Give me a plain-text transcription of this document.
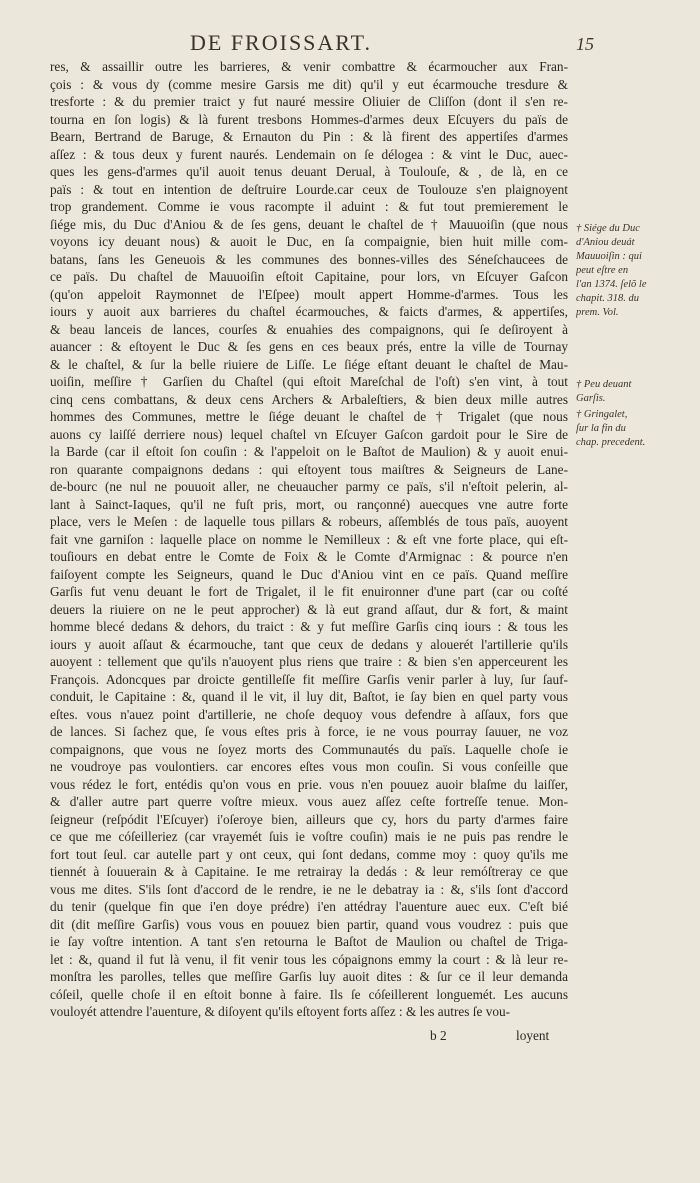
DE FROISSART.	15
res, & assaillir outre les barrieres, & venir combattre & écarmoucher aux Fran-
çois : & vous dy (comme mesire Garsis me dit) qu'il y eut écarmouche tresdure &
tresforte : & du premier traict y fut nauré messire Oliuier de Cliſſon (dont il s'en re-
tourna en ſon logis) & là furent tresbons Hommes-d'armes deux Eſcuyers du païs de
Bearn, Bertrand de Baruge, & Ernauton du Pin : & là firent des appertiſes d'armes
aſſez : & tous deux y furent naurés. Lendemain on ſe délogea : & vint le Duc, auec-
ques les gens-d'armes qu'il auoit tenus deuant Derual, à Toulouſe, & , de là, en ce
païs : & tout en intention de deſtruire Lourde.car ceux de Toulouze s'en plaignoyent
trop grandement. Comme ie vous racompte il aduint : & fut tout premierement le
ſiége mis, du Duc d'Aniou & de ſes gens, deuant le chaſtel de † Mauuoiſin (que nous
voyons icy deuant nous) & auoit le Duc, en ſa compaignie, bien huit mille com-
batans, ſans les Geneuois & les communes des bonnes-villes des Séneſchaucees de
ce païs. Du chaſtel de Mauuoiſin eſtoit Capitaine, pour lors, vn Eſcuyer Gaſcon
(qu'on appeloit Raymonnet de l'Eſpee) moult appert Homme-d'armes. Tous les
iours y auoit aux barrieres du chaſtel écarmouches, & faicts d'armes, & appertiſes,
& beau lanceis de lances, courſes & enuahies des compaignons, qui ſe deſiroyent à
auancer : & eſtoyent le Duc & ſes gens en ces beaux prés, entre la ville de Tournay
& le chaſtel, & ſur la belle riuiere de Liſſe. Le ſiége eſtant deuant le chaſtel de Mau-
uoiſin, meſſire † Garſien du Chaſtel (qui eſtoit Mareſchal de l'oſt) s'en vint, à tout
cinq cens combattans, & deux cens Archers & Arbaleſtiers, & bien deux mille autres
hommes des Communes, mettre le ſiége deuant le chaſtel de † Trigalet (que nous
auons cy laiſſé derriere nous) lequel chaſtel vn Eſcuyer Gaſcon gardoit pour le Sire de
la Barde (car il eſtoit ſon couſin : & l'appeloit on le Baſtot de Maulion) & y auoit enui-
ron quarante compaignons dedans : qui eſtoyent tous maiſtres & Seigneurs de Lane-
de-bourc (ne nul ne pouuoit aller, ne cheuaucher parmy ce païs, s'il n'eſtoit pelerin, al-
lant à Sainct-Iaques, qu'il ne fuſt pris, mort, ou rançonné) auecques vne autre forte
place, vers le Meſen : de laquelle tous pillars & robeurs, aſſemblés de tous païs, auoyent
fait vne garniſon : laquelle place on nomme le Nemilleux : & eſt vne forte place, qui eſt-
touſiours en debat entre le Comte de Foix & le Comte d'Armignac : & pource n'en
faiſoyent compte les Seigneurs, quand le Duc d'Aniou vint en ce païs. Quand meſſire
Garſis fut venu deuant le fort de Trigalet, il le fit enuironner d'une part (car ou coſté
deuers la riuiere on ne le peut approcher) & là eut grand aſſaut, dur & fort, & maint
homme blecé dedans & dehors, du traict : & y fut meſſire Garſis cinq iours : & tous les
iours y auoit aſſaut & écarmouche, tant que ceux de dedans y alouerét l'artillerie qu'ils
auoyent : tellement que qu'ils n'auoyent plus riens que traire : & bien s'en apperceurent les
François. Adoncques par droicte gentilleſſe fit meſſire Garſis venir parler à luy, ſur ſauf-
conduit, le Capitaine : &, quand il le vit, il luy dit, Baſtot, ie ſay bien en quel party vous
eſtes. vous n'auez point d'artillerie, ne choſe dequoy vous defendre à aſſaux, fors que
de lances. Si ſachez que, ſe vous eſtes pris à force, ie ne vous pourray ſauuer, ne voz
compaignons, que vous ne ſoyez morts des Communautés du païs. Laquelle choſe ie
ne voudroye pas voulontiers. car encores eſtes vous mon couſin. Si vous conſeille que
vous rédez le fort, entédis qu'on vous en prie. vous n'en pouuez auoir blaſme du laiſſer,
& d'aller autre part querre voſtre mieux. vous auez aſſez ceſte fortreſſe tenue. Mon-
ſeigneur (reſpódit l'Eſcuyer) i'oſeroye bien, ailleurs que cy, hors du party d'armes faire
ce que me cóſeilleriez (car vrayemét ſuis ie voſtre couſin) mais ie ne puis pas rendre le
fort tout ſeul. car autelle part y ont ceux, qui ſont dedans, comme moy : quoy qu'ils me
tiennét à ſouuerain & à Capitaine. Ie me retrairay la dedás : & leur remóſtreray ce que
vous me dites. S'ils ſont d'accord de le rendre, ie ne le debatray ia : &, s'ils ſont d'accord
du tenir (quelque fin que i'en doye prédre) i'en attédray l'auenture auec eux. C'eſt bié
dit (dit meſſire Garſis) vous vous en pouuez bien partir, quand vous voudrez : puis que
ie ſay voſtre intention. A tant s'en retourna le Baſtot de Maulion ou chaſtel de Triga-
let : &, quand il fut là venu, il fit venir tous les cópaignons emmy la court : & là leur re-
monſtra les parolles, telles que meſſire Garſis luy auoit dites : & ſur ce il leur demanda
cóſeil, quelle choſe il en eſtoit bonne à faire. Ils ſe cóſeillerent longuemét. Les aucuns
vouloyét attendre l'auenture, & diſoyent qu'ils eſtoyent forts aſſez : & les autres ſe vou-
† Siége du Duc
d'Aniou deuát
Mauuoiſin : qui
peut eſtre en
l'an 1374. ſelõ le
chapit. 318. du
prem. Vol.
† Peu deuant
Garſis.
† Gringalet,
ſur la fin du
chap. precedent.
b 2	loyent
